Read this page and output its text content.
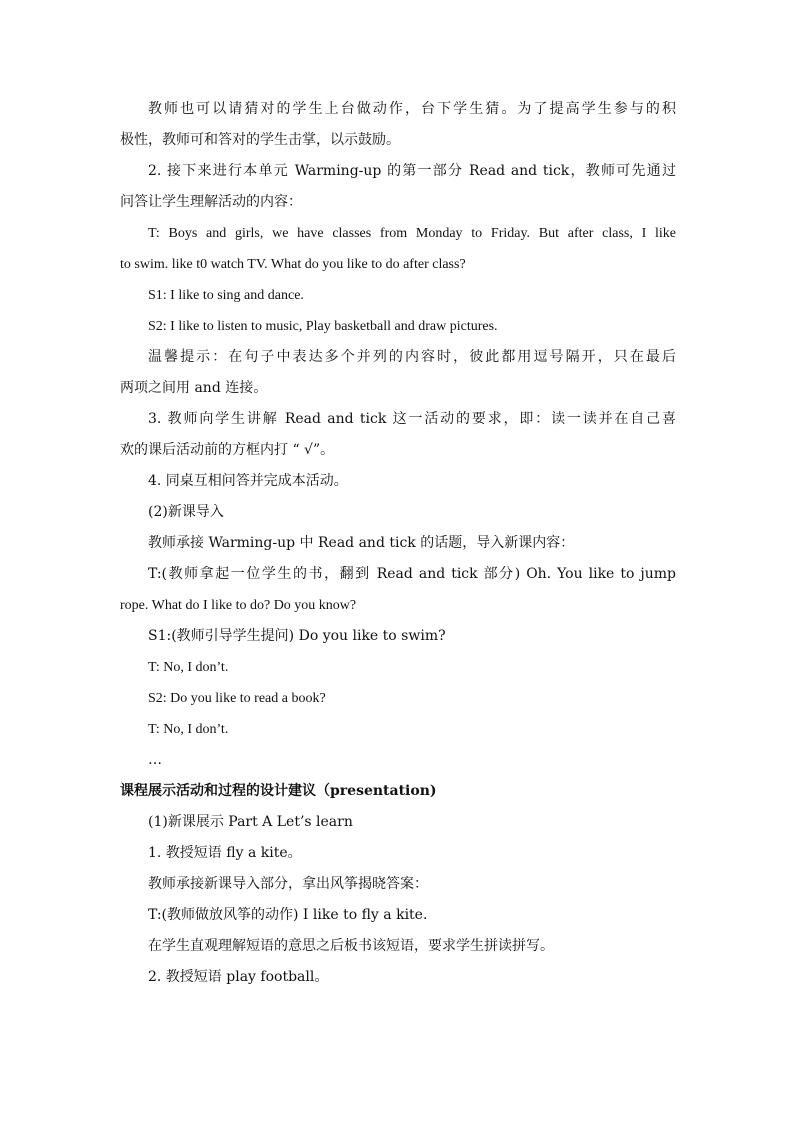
教师也可以请猜对的学生上台做动作，台下学生猜。为了提高学生参与的积
极性，教师可和答对的学生击掌，以示鼓励。
2. 接下来进行本单元 Warming-up 的第一部分 Read and tick，教师可先通过
问答让学生理解活动的内容：
T: Boys and girls, we have classes from Monday to Friday. But after class, I like
to swim. like t0 watch TV. What do you like to do after class?
S1: I like to sing and dance.
S2: I like to listen to music, Play basketball and draw pictures.
温馨提示：在句子中表达多个并列的内容时，彼此都用逗号隔开，只在最后
两项之间用 and 连接。
3. 教师向学生讲解 Read and tick 这一活动的要求，即：读一读并在自己喜
欢的课后活动前的方框内打 “ √”。
4. 同桌互相问答并完成本活动。
(2)新课导入
教师承接 Warming-up 中 Read and tick 的话题，导入新课内容：
T:(教师拿起一位学生的书，翻到 Read and tick 部分) Oh. You like to jump
rope. What do I like to do? Do you know?
S1:(教师引导学生提问) Do you like to swim?
T: No, I don’t.
S2: Do you like to read a book?
T: No, I don’t.
…
课程展示活动和过程的设计建议（presentation)
(1)新课展示 Part A Let’s learn
1. 教授短语 fly a kite。
教师承接新课导入部分，拿出风筝揭晓答案：
T:(教师做放风筝的动作) I like to fly a kite.
在学生直观理解短语的意思之后板书该短语，要求学生拼读拼写。
2. 教授短语 play football。
